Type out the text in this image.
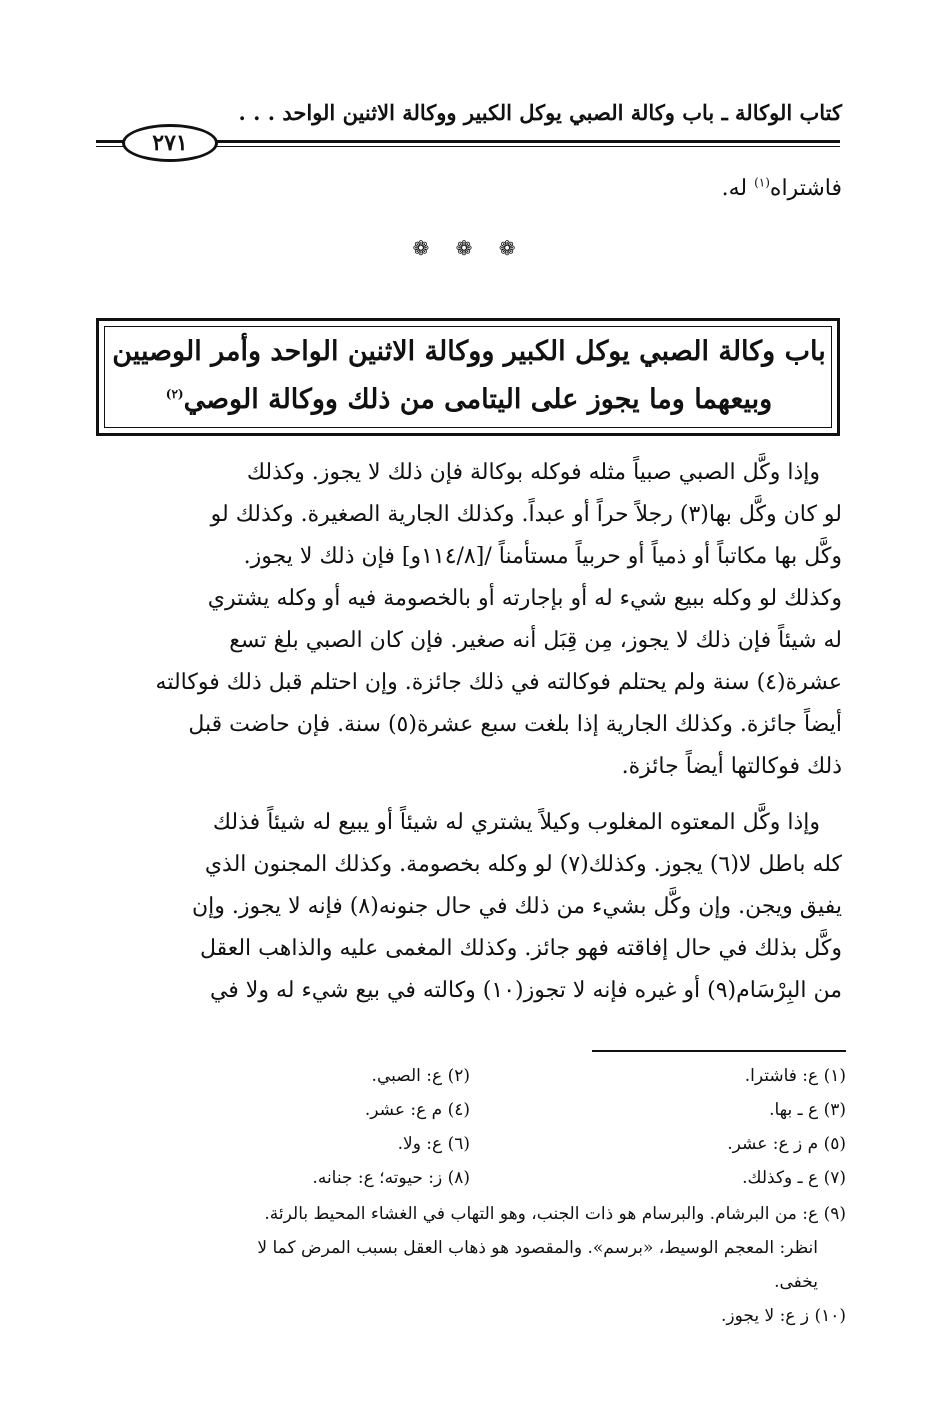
كتاب الوكالة ـ باب وكالة الصبي يوكل الكبير ووكالة الاثنين الواحد . . .
٢٧١
فاشتراه$^{(١)}$ له.
❁ ❁ ❁
باب وكالة الصبي يوكل الكبير ووكالة الاثنين الواحد وأمر الوصيين
وبيعهما وما يجوز على اليتامى من ذلك ووكالة الوصي$^{(٢)}$
وإذا وكَّل الصبي صبياً مثله فوكله بوكالة فإن ذلك لا يجوز. وكذلك
لو كان وكَّل بها(٣) رجلاً حراً أو عبداً. وكذلك الجارية الصغيرة. وكذلك لو
وكَّل بها مكاتباً أو ذمياً أو حربياً مستأمناً /[١١٤/٨و] فإن ذلك لا يجوز.
وكذلك لو وكله ببيع شيء له أو بإجارته أو بالخصومة فيه أو وكله يشتري
له شيئاً فإن ذلك لا يجوز، مِن قِبَل أنه صغير. فإن كان الصبي بلغ تسع
عشرة(٤) سنة ولم يحتلم فوكالته في ذلك جائزة. وإن احتلم قبل ذلك فوكالته
أيضاً جائزة. وكذلك الجارية إذا بلغت سبع عشرة(٥) سنة. فإن حاضت قبل
ذلك فوكالتها أيضاً جائزة.
وإذا وكَّل المعتوه المغلوب وكيلاً يشتري له شيئاً أو يبيع له شيئاً فذلك
كله باطل لا(٦) يجوز. وكذلك(٧) لو وكله بخصومة. وكذلك المجنون الذي
يفيق ويجن. وإن وكَّل بشيء من ذلك في حال جنونه(٨) فإنه لا يجوز. وإن
وكَّل بذلك في حال إفاقته فهو جائز. وكذلك المغمى عليه والذاهب العقل
من البِرْسَام(٩) أو غيره فإنه لا تجوز(١٠) وكالته في بيع شيء له ولا في
(١) ع: فاشترا.
(٢) ع: الصبي.
(٣) ع ـ بها.
(٤) م ع: عشر.
(٥) م ز ع: عشر.
(٦) ع: ولا.
(٧) ع ـ وكذلك.
(٨) ز: حيوته؛ ع: جنانه.
(٩) ع: من البرشام. والبرسام هو ذات الجنب، وهو التهاب في الغشاء المحيط بالرئة.
انظر: المعجم الوسيط، «برسم». والمقصود هو ذهاب العقل بسبب المرض كما لا
يخفى.
(١٠) ز ع: لا يجوز.
